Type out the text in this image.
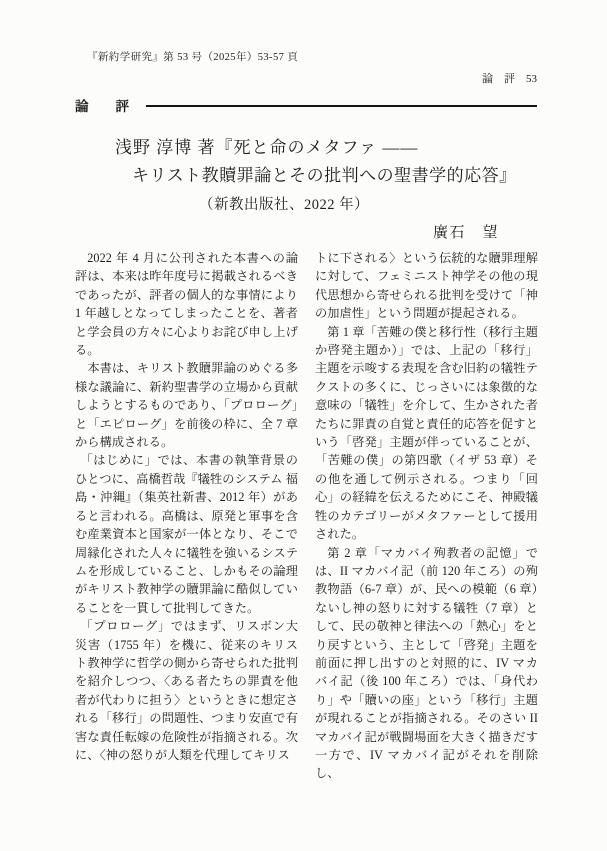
『新約学研究』第 53 号（2025年）53-57 頁
論　評　53
論　　評
浅野 淳博 著『死と命のメタファ ――
キリスト教贖罪論とその批判への聖書学的応答』
（新教出版社、2022 年）
廣石　望

2022 年 4 月に公刊された本書への論評は、本来は昨年度号に掲載されるべきであったが、評者の個人的な事情により 1 年越しとなってしまったことを、著者と学会員の方々に心よりお詫び申し上げる。

本書は、キリスト教贖罪論のめぐる多様な議論に、新約聖書学の立場から貢献しようとするものであり、「プロローグ」と「エピローグ」を前後の枠に、全 7 章から構成される。

「はじめに」では、本書の執筆背景のひとつに、高橋哲哉『犠牲のシステム 福島・沖縄』（集英社新書、2012 年）があると言われる。高橋は、原発と軍事を含む産業資本と国家が一体となり、そこで周縁化された人々に犠牲を強いるシステムを形成していること、しかもその論理がキリスト教神学の贖罪論に酷似していることを一貫して批判してきた。

「プロローグ」ではまず、リスボン大災害（1755 年）を機に、従来のキリスト教神学に哲学の側から寄せられた批判を紹介しつつ、〈ある者たちの罪責を他者が代わりに担う〉というときに想定される「移行」の問題性、つまり安直で有害な責任転嫁の危険性が指摘される。次に、〈神の怒りが人類を代理してキリス

トに下される〉という伝統的な贖罪理解に対して、フェミニスト神学その他の現代思想から寄せられる批判を受けて「神の加虐性」という問題が提起される。

第 1 章「苦難の僕と移行性（移行主題か啓発主題か）」では、上記の「移行」主題を示唆する表現を含む旧約の犠牲テクストの多くに、じっさいには象徴的な意味の「犠牲」を介して、生かされた者たちに罪責の自覚と責任的応答を促すという「啓発」主題が伴っていることが、「苦難の僕」の第四歌（イザ 53 章）その他を通して例示される。つまり「回心」の経緯を伝えるためにこそ、神殿犠牲のカテゴリーがメタファーとして援用された。

第 2 章「マカバイ殉教者の記憶」では、II マカバイ記（前 120 年ころ）の殉教物語（6-7 章）が、民への模範（6 章）ないし神の怒りに対する犠牲（7 章）として、民の敬神と律法への「熱心」をとり戻すという、主として「啓発」主題を前面に押し出すのと対照的に、IV マカバイ記（後 100 年ころ）では、「身代わり」や「贖いの座」という「移行」主題が現れることが指摘される。そのさい II マカバイ記が戦闘場面を大きく描きだす一方で、IV マカバイ記がそれを削除し、
